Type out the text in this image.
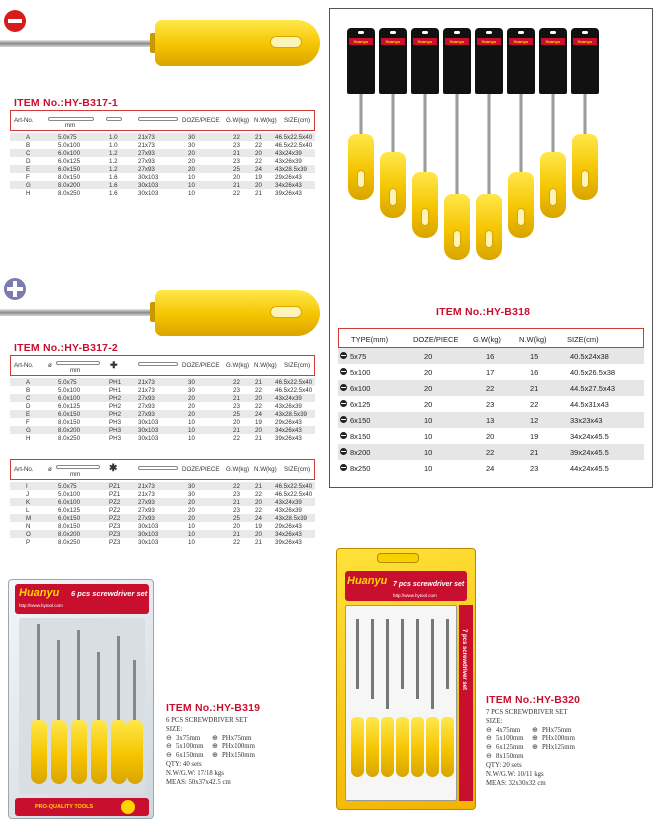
ITEM No.:HY-B317-1
Art-No.
mm
DOZE/PIECE G.W(kg) N.W(kg) SIZE(cm)
A	5.0x75	1.0	21x73	30	22 21 46.5x22.5x40
B	5.0x100	1.0	21x73	30	23 22 46.5x22.5x40
C	6.0x100	1.2	27x93	20	21 20 43x24x39
D	6.0x125	1.2	27x93	20	23 22 43x26x39
E	6.0x150	1.2	27x93	20	25 24 43x28.5x39
F	8.0x150	1.6	30x103	10	20 19 29x26x43
G	8.0x200	1.6	30x103	10	21 20 34x26x43
H	8.0x250	1.6	30x103	10	22 21 39x26x43
ITEM No.:HY-B317-2
Art-No. ø
mm
✚	DOZE/PIECE G.W(kg) N.W(kg) SIZE(cm)
A	5.0x75	PH1	21x73	30	22 21 46.5x22.5x40
B	5.0x100	PH1	21x73	30	23 22 46.5x22.5x40
C	6.0x100	PH2	27x93	20	21 20 43x24x39
D	6.0x125	PH2	27x93	20	23 22 43x26x39
E	6.0x150	PH2	27x93	20	25 24 43x28.5x39
F	8.0x150	PH3	30x103	10	20 19 29x26x43
G	8.0x200	PH3	30x103	10	21 20 34x26x43
H	8.0x250	PH3	30x103	10	22 21 39x26x43
Art-No. ø
mm
✱	DOZE/PIECE G.W(kg) N.W(kg) SIZE(cm)
I	5.0x75	PZ1	21x73	30	22 21 46.5x22.5x40
J	5.0x100	PZ1	21x73	30	23 22 46.5x22.5x40
K	6.0x100	PZ2	27x93	20	21 20 43x24x39
L	6.0x125	PZ2	27x93	20	23 22 43x26x39
M	6.0x150	PZ2	27x93	20	25 24 43x28.5x39
N	8.0x150	PZ3	30x103	10	20 19 29x26x43
O	8.0x200	PZ3	30x103	10	21 20 34x26x43
P	8.0x250	PZ3	30x103	10	22 21 39x26x43
Huanyu	Huanyu	Huanyu	Huanyu	Huanyu	Huanyu	Huanyu	Huanyu
ITEM No.:HY-B318
TYPE(mm)	DOZE/PIECE G.W(kg) N.W(kg)	SIZE(cm)
5x75	20	16	15	40.5x24x38
5x100	20	17	16	40.5x26.5x38
6x100	20	22	21	44.5x27.5x43
6x125	20	23	22	44.5x31x43
6x150	10	13	12	33x23x43
8x150	10	20	19	34x24x45.5
8x200	10	22	21	39x24x45.5
8x250	10	24	23	44x24x45.5
Huanyu 6 pcs screwdriver set
http://www.hytool.com
PRO-QUALITY TOOLS
ITEM No.:HY-B319
6 PCS SCREWDRIVER SET
SIZE:
⊖ 3x75mm	⊕ PHx75mm
⊖ 5x100mm	⊕ PHx100mm
⊖ 6x150mm	⊕ PHx150mm
QTY: 40 sets
N.W/G.W: 17/18 kgs
MEAS: 50x37x42.5 cm
Huanyu 7 pcs screwdriver set
http://www.hytool.com
7 pcs screwdriver set
ITEM No.:HY-B320
7 PCS SCREWDRIVER SET
SIZE:
⊖ 4x75mm	⊕ PHx75mm
⊖ 5x100mm	⊕ PHx100mm
⊖ 6x125mm	⊕ PHx125mm
⊖ 8x150mm
QTY: 20 sets
N.W/G.W: 10/11 kgs
MEAS: 32x30x32 cm
